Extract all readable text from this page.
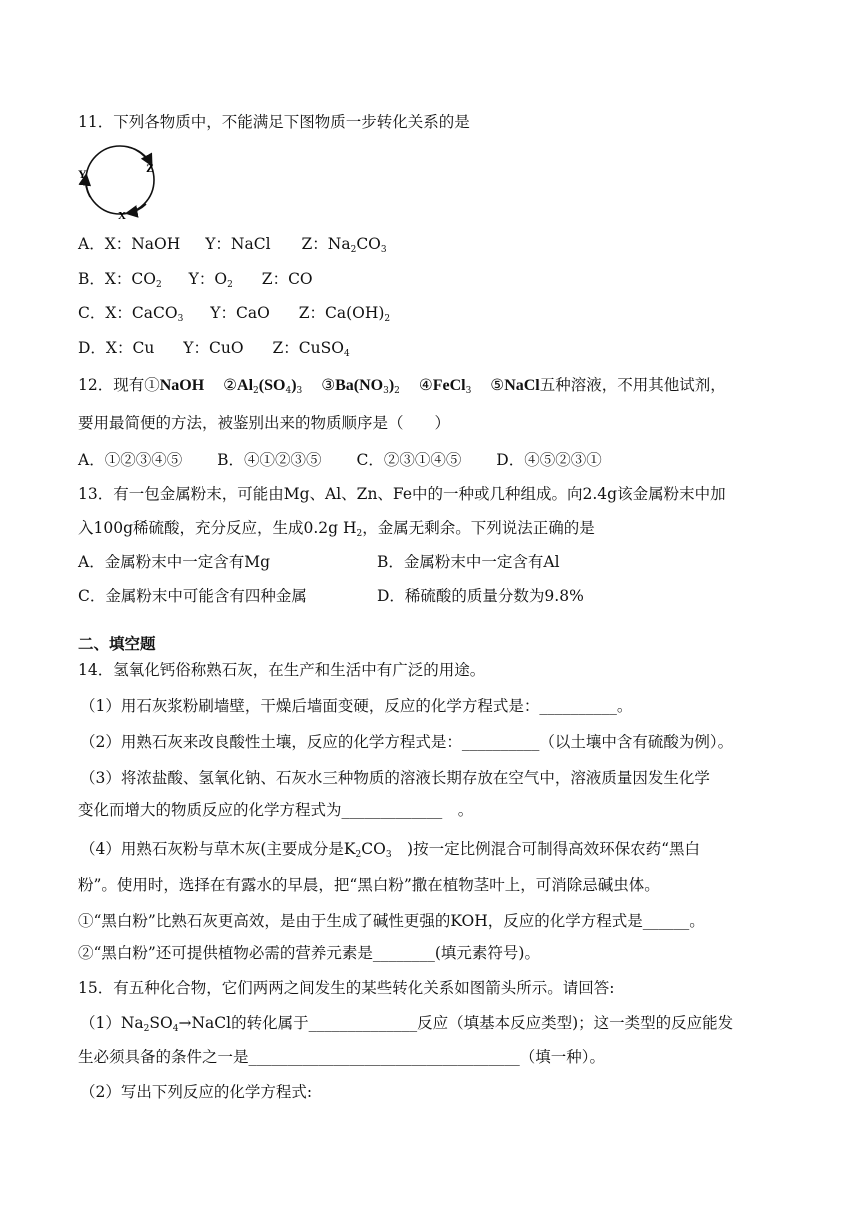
11．下列各物质中，不能满足下图物质一步转化关系的是
Y	Z
X
A．X：NaOH Y：NaCl Z：$Na_2CO_3$
B．X：$CO_2$ Y：$O_2$ Z：CO
C．X：CaCO$_3$ Y：CaO Z：$Ca(OH)_2$
D．X：Cu Y：CuO Z：CuSO$_4$
12．现有①NaOH $②Al_2(SO_4)_3$ $③Ba(NO_3)_2$ ④FeCl$_3$ ⑤NaCl五种溶液，不用其他试剂，
要用最简便的方法，被鉴别出来的物质顺序是（　　）
A．①②③④⑤ B．④①②③⑤ C．②③①④⑤ D．④⑤②③①
13．有一包金属粉末，可能由Mg、Al、Zn、Fe中的一种或几种组成。向2.4g该金属粉末中加
入100g稀硫酸，充分反应，生成0.2g $H_2$，金属无剩余。下列说法正确的是
A．金属粉末中一定含有Mg	B．金属粉末中一定含有Al
C．金属粉末中可能含有四种金属	D．稀硫酸的质量分数为9.8%
二、填空题
14．氢氧化钙俗称熟石灰，在生产和生活中有广泛的用途。
（1）用石灰浆粉刷墙壁，干燥后墙面变硬，反应的化学方程式是：__________。
（2）用熟石灰来改良酸性土壤，反应的化学方程式是：__________（以土壤中含有硫酸为例）。
（3）将浓盐酸、氢氧化钠、石灰水三种物质的溶液长期存放在空气中，溶液质量因发生化学
变化而增大的物质反应的化学方程式为_____________　。
（4）用熟石灰粉与草木灰(主要成分是$K_2CO_3$　)按一定比例混合可制得高效环保农药“黑白
粉”。使用时，选择在有露水的早晨，把“黑白粉”撒在植物茎叶上，可消除忌碱虫体。
①“黑白粉”比熟石灰更高效，是由于生成了碱性更强的KOH，反应的化学方程式是______。
②“黑白粉”还可提供植物必需的营养元素是________(填元素符号)。
15．有五种化合物，它们两两之间发生的某些转化关系如图箭头所示。请回答:
$(1)Na_2SO_4\to NaCl$的转化属于______________反应（填基本反应类型)；这一类型的反应能发
生必须具备的条件之一是___________________________________（填一种）。
（2）写出下列反应的化学方程式:
